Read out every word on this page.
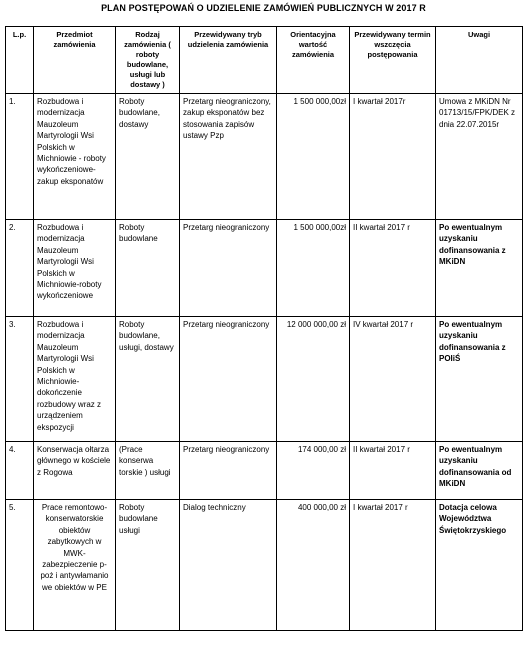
PLAN POSTĘPOWAŃ O UDZIELENIE ZAMÓWIEŃ PUBLICZNYCH W 2017 R
L.p.	Przedmiot zamówienia	Rodzaj zamówienia ( roboty budowlane, usługi lub dostawy )	Przewidywany tryb udzielenia zamówienia	Orientacyjna wartość zamówienia	Przewidywany termin wszczęcia postępowania	Uwagi
1.	Rozbudowa i modernizacja Mauzoleum Martyrologii Wsi Polskich w Michniowie - roboty wykończeniowe-zakup eksponatów	Roboty budowlane, dostawy	Przetarg nieograniczony, zakup eksponatów bez stosowania zapisów ustawy Pzp	1 500 000,00zł	I kwartał 2017r	Umowa z MKiDN Nr 01713/15/FPK/DEK z dnia 22.07.2015r
2.	Rozbudowa i modernizacja Mauzoleum Martyrologii Wsi Polskich w Michniowie-roboty wykończeniowe	Roboty budowlane	Przetarg nieograniczony	1 500 000,00zł	II kwartał 2017 r	Po ewentualnym uzyskaniu dofinansowania z MKiDN
3.	Rozbudowa i modernizacja Mauzoleum Martyrologii Wsi Polskich w Michniowie-dokończenie rozbudowy wraz z urządzeniem ekspozycji	Roboty budowlane, usługi, dostawy	Przetarg nieograniczony	12 000 000,00 zł	IV kwartał 2017 r	Po ewentualnym uzyskaniu dofinansowania z POIiŚ
4.	Konserwacja ołtarza głównego w kościele z Rogowa	(Prace konserwa torskie ) usługi	Przetarg nieograniczony	174 000,00 zł	II kwartał 2017 r	Po ewentualnym uzyskaniu dofinansowania od MKiDN
5.	Prace remontowo-konserwatorskie obiektów zabytkowych w MWK-zabezpieczenie p-poż i antywłamanio we obiektów w PE	Roboty budowlane usługi	Dialog techniczny	400 000,00 zł	I kwartał 2017 r	Dotacja celowa Województwa Świętokrzyskiego
